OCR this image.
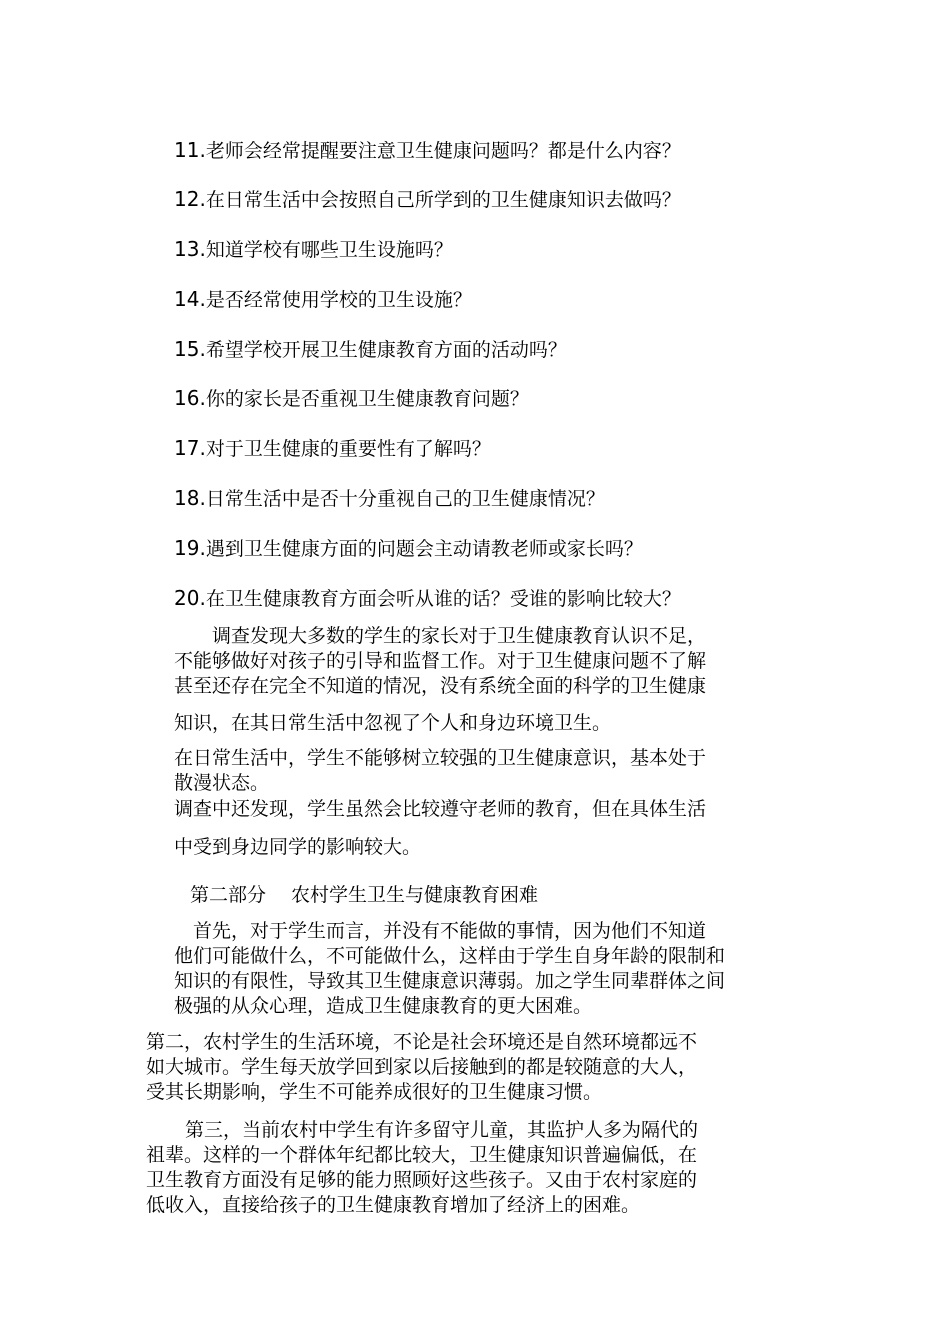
11.老师会经常提醒要注意卫生健康问题吗？都是什么内容？
12.在日常生活中会按照自己所学到的卫生健康知识去做吗？
13.知道学校有哪些卫生设施吗？
14.是否经常使用学校的卫生设施？
15.希望学校开展卫生健康教育方面的活动吗？
16.你的家长是否重视卫生健康教育问题？
17.对于卫生健康的重要性有了解吗？
18.日常生活中是否十分重视自己的卫生健康情况？
19.遇到卫生健康方面的问题会主动请教老师或家长吗？
20.在卫生健康教育方面会听从谁的话？受谁的影响比较大？
　　调查发现大多数的学生的家长对于卫生健康教育认识不足，
不能够做好对孩子的引导和监督工作。对于卫生健康问题不了解
甚至还存在完全不知道的情况，没有系统全面的科学的卫生健康
知识，在其日常生活中忽视了个人和身边环境卫生。
在日常生活中，学生不能够树立较强的卫生健康意识，基本处于
散漫状态。
调查中还发现，学生虽然会比较遵守老师的教育，但在具体生活
中受到身边同学的影响较大。
第二部分　 农村学生卫生与健康教育困难
　首先，对于学生而言，并没有不能做的事情，因为他们不知道
他们可能做什么，不可能做什么，这样由于学生自身年龄的限制和
知识的有限性，导致其卫生健康意识薄弱。加之学生同辈群体之间
极强的从众心理，造成卫生健康教育的更大困难。
第二，农村学生的生活环境，不论是社会环境还是自然环境都远不
如大城市。学生每天放学回到家以后接触到的都是较随意的大人，
受其长期影响，学生不可能养成很好的卫生健康习惯。
　第三，当前农村中学生有许多留守儿童，其监护人多为隔代的
祖辈。这样的一个群体年纪都比较大，卫生健康知识普遍偏低，在
卫生教育方面没有足够的能力照顾好这些孩子。又由于农村家庭的
低收入，直接给孩子的卫生健康教育增加了经济上的困难。
